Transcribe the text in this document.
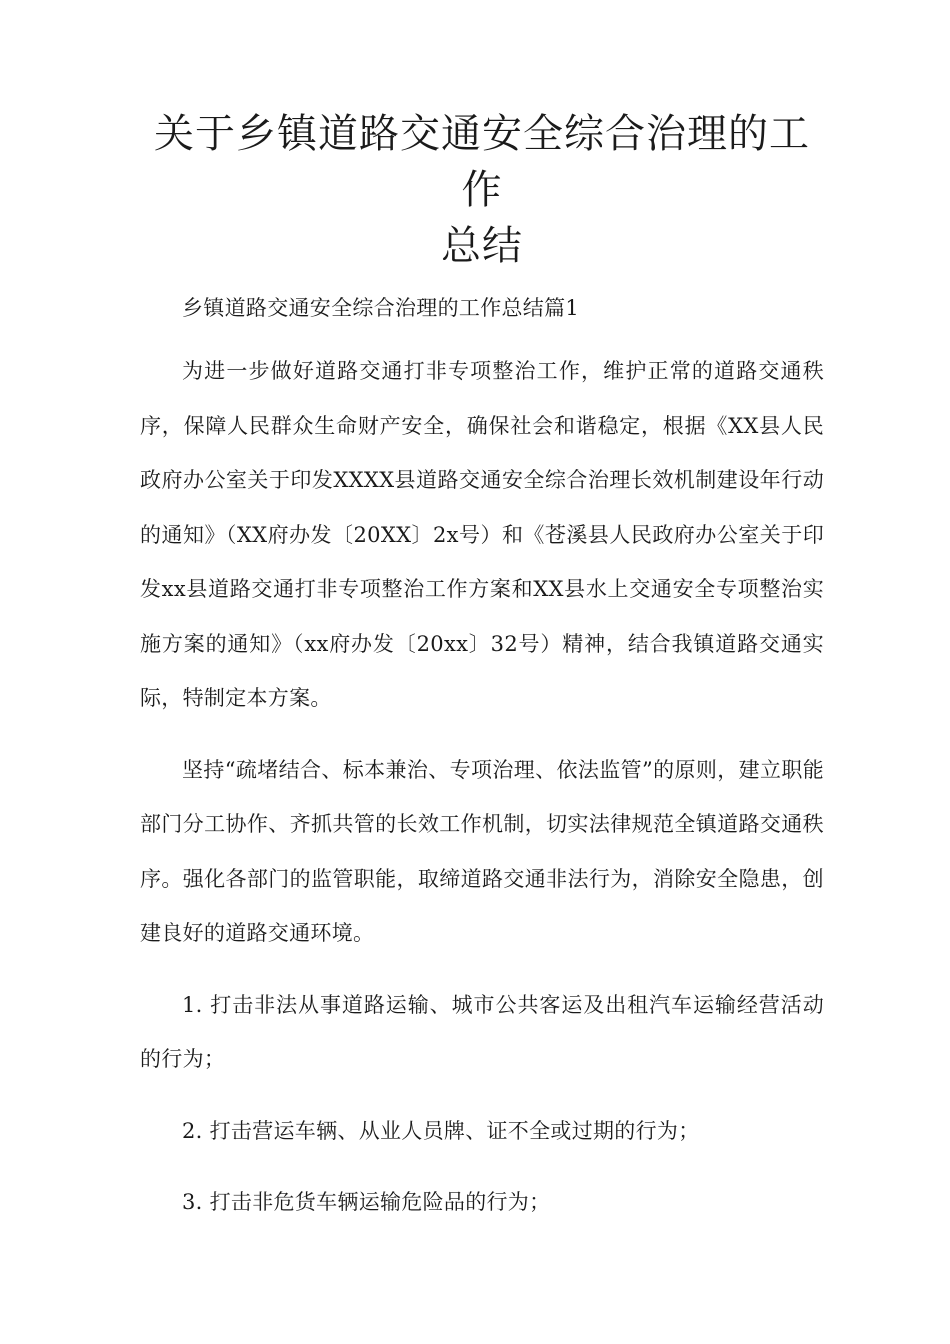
关于乡镇道路交通安全综合治理的工作
总结

乡镇道路交通安全综合治理的工作总结篇1

为进一步做好道路交通打非专项整治工作，维护正常的道路交通秩序，保障人民群众生命财产安全，确保社会和谐稳定，根据《XX县人民政府办公室关于印发XXXX县道路交通安全综合治理长效机制建设年行动的通知》（XX府办发〔20XX〕2x号）和《苍溪县人民政府办公室关于印发xx县道路交通打非专项整治工作方案和XX县水上交通安全专项整治实施方案的通知》（xx府办发〔20xx〕32号）精神，结合我镇道路交通实际，特制定本方案。

坚持“疏堵结合、标本兼治、专项治理、依法监管”的原则，建立职能部门分工协作、齐抓共管的长效工作机制，切实法律规范全镇道路交通秩序。强化各部门的监管职能，取缔道路交通非法行为，消除安全隐患，创建良好的道路交通环境。

1. 打击非法从事道路运输、城市公共客运及出租汽车运输经营活动的行为；

2. 打击营运车辆、从业人员牌、证不全或过期的行为；

3. 打击非危货车辆运输危险品的行为；
